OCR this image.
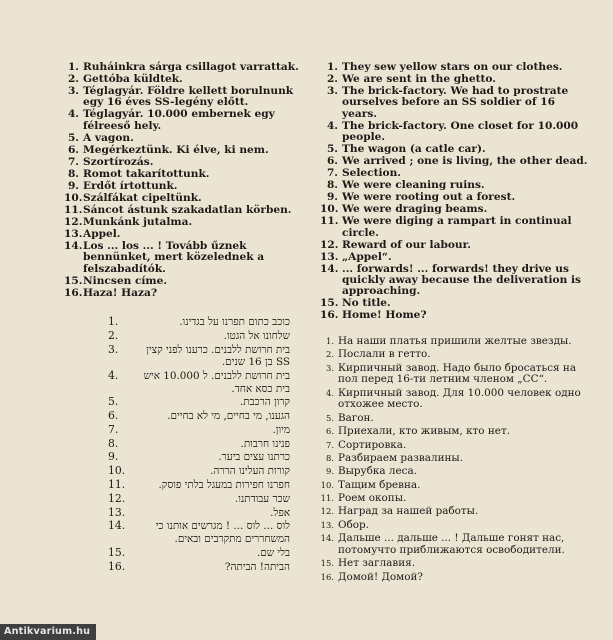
1. Ruháinkra sárga csillagot varrattak.
2. Gettóba küldtek.
3. Téglagyár. Földre kellett borulnunk egy 16 éves SS-legény előtt.
4. Téglagyár. 10.000 embernek egy félreeső hely.
5. A vagon.
6. Megérkeztünk. Ki élve, ki nem.
7. Szortírozás.
8. Romot takarítottunk.
9. Erdőt írtottunk.
10. Szálfákat cipeltünk.
11. Sáncot ástunk szakadatlan körben.
12. Munkánk jutalma.
13. Appel.
14. Los ... los ... ! Tovább űznek bennünket, mert közelednek a felszabadítók.
15. Nincsen címe.
16. Haza! Haza?
1. They sew yellow stars on our clothes.
2. We are sent in the ghetto.
3. The brick-factory. We had to prostrate ourselves before an SS soldier of 16 years.
4. The brick-factory. One closet for 10.000 people.
5. The wagon (a catle car).
6. We arrived ; one is living, the other dead.
7. Selection.
8. We were cleaning ruins.
9. We were rooting out a forest.
10. We were draging beams.
11. We were diging a rampart in continual circle.
12. Reward of our labour.
13. „Appel“.
14. ... forwards! ... forwards! they drive us quickly away because the deliveration is approaching.
15. No title.
16. Home! Home?
1.	כוכב כתום תפרנו על בגדינו.
2.	שלחונו אל הגטו.
3.	בית חרושת ללבנים. כרענו לפני קצין SS בן 16 שנים.
4.	בית חרושת ללבנים. ל 10.000 איש בית כסא אחד.
5.	קרון הרכבת.
6.	הגענו, מי בחיים, מי לא בחיים.
7.	מיון.
8.	פנינו חרבות.
9.	כרתנו עצים ביער.
10.	קורות העלינו הררה.
11.	חפרנו חפירות במעגל בלתי פוסק.
12.	שכר עבודתנו.
13.	אפל.
14.	לוס ... לוס ... ! מגרשים אותנו כי המשחררים מתקרבים ובאים.
15.	בלי שם.
16.	הביתה! הביתה?
1. На наши платья пришили желтые звезды.
2. Послали в гетто.
3. Кирпичный завод. Надо было бросаться на пол перед 16-ти летним членом „СС“.
4. Кирпичный завод. Для 10.000 человек одно отхожее место.
5. Вагон.
6. Приехали, кто живым, кто нет.
7. Сортировка.
8. Разбираем развалины.
9. Вырубка леса.
10. Тащим бревна.
11. Роем окопы.
12. Наград за нашей работы.
13. Обор.
14. Дальше ... дальше ... ! Дальше гонят нас, потомучто приближаются освободители.
15. Нет заглавия.
16. Домой! Домой?
Antikvarium.hu
